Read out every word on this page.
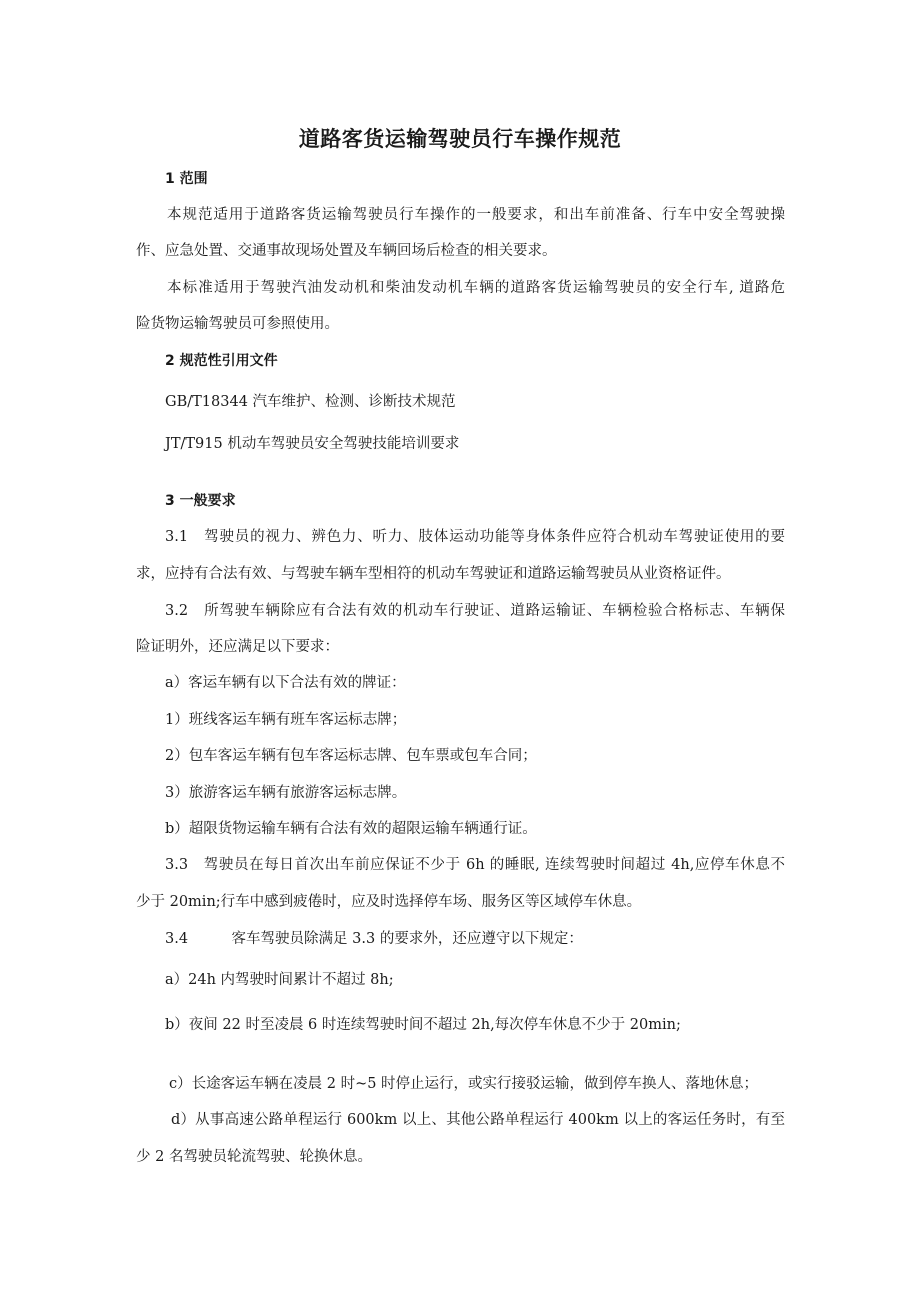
道路客货运输驾驶员行车操作规范
1 范围
本规范适用于道路客货运输驾驶员行车操作的一般要求，和出车前准备、行车中安全驾驶操
作、应急处置、交通事故现场处置及车辆回场后检查的相关要求。
本标准适用于驾驶汽油发动机和柴油发动机车辆的道路客货运输驾驶员的安全行车, 道路危
险货物运输驾驶员可参照使用。
2 规范性引用文件
GB/T18344 汽车维护、检测、诊断技术规范
JT/T915 机动车驾驶员安全驾驶技能培训要求
3 一般要求
3.1　驾驶员的视力、辨色力、听力、肢体运动功能等身体条件应符合机动车驾驶证使用的要
求，应持有合法有效、与驾驶车辆车型相符的机动车驾驶证和道路运输驾驶员从业资格证件。
3.2　所驾驶车辆除应有合法有效的机动车行驶证、道路运输证、车辆检验合格标志、车辆保
险证明外，还应满足以下要求：
a）客运车辆有以下合法有效的牌证：
1）班线客运车辆有班车客运标志牌；
2）包车客运车辆有包车客运标志牌、包车票或包车合同；
3）旅游客运车辆有旅游客运标志牌。
b）超限货物运输车辆有合法有效的超限运输车辆通行证。
3.3　驾驶员在每日首次出车前应保证不少于 6h 的睡眠, 连续驾驶时间超过 4h,应停车休息不
少于 20min;行车中感到疲倦时，应及时选择停车场、服务区等区域停车休息。
3.4　　　客车驾驶员除满足 3.3 的要求外，还应遵守以下规定：
a）24h 内驾驶时间累计不超过 8h;
b）夜间 22 时至凌晨 6 时连续驾驶时间不超过 2h,每次停车休息不少于 20min;
c）长途客运车辆在凌晨 2 时~5 时停止运行，或实行接驳运输，做到停车换人、落地休息；
d）从事高速公路单程运行 600km 以上、其他公路单程运行 400km 以上的客运任务时，有至
少 2 名驾驶员轮流驾驶、轮换休息。
